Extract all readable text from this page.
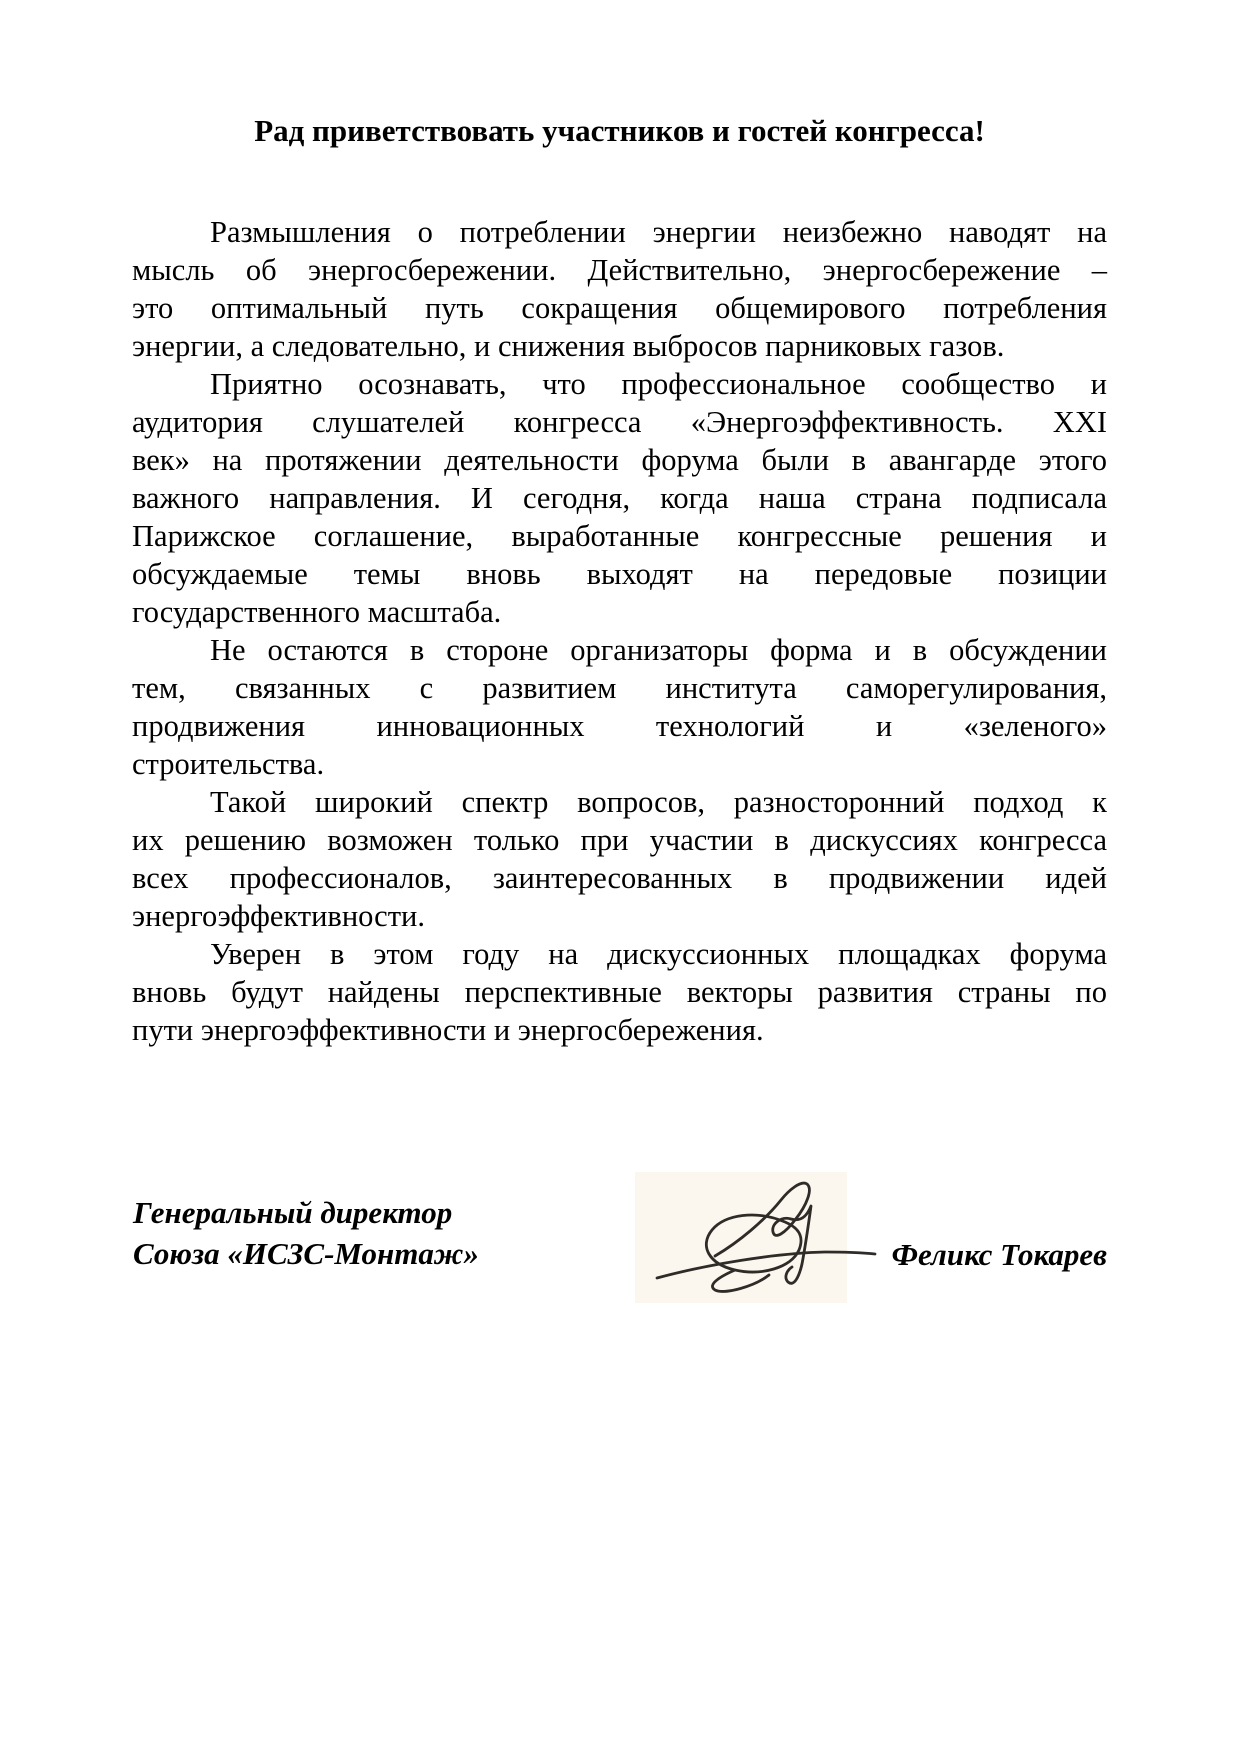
Рад приветствовать участников и гостей конгресса!
Размышления о потреблении энергии неизбежно наводят на
мысль об энергосбережении. Действительно, энергосбережение –
это оптимальный путь сокращения общемирового потребления
энергии, а следовательно, и снижения выбросов парниковых газов.
Приятно осознавать, что профессиональное сообщество и
аудитория слушателей конгресса «Энергоэффективность. XXI
век» на протяжении деятельности форума были в авангарде этого
важного направления. И сегодня, когда наша страна подписала
Парижское соглашение, выработанные конгрессные решения и
обсуждаемые темы вновь выходят на передовые позиции
государственного масштаба.
Не остаются в стороне организаторы форма и в обсуждении
тем, связанных с развитием института саморегулирования,
продвижения инновационных технологий и «зеленого»
строительства.
Такой широкий спектр вопросов, разносторонний подход к
их решению возможен только при участии в дискуссиях конгресса
всех профессионалов, заинтересованных в продвижении идей
энергоэффективности.
Уверен в этом году на дискуссионных площадках форума
вновь будут найдены перспективные векторы развития страны по
пути энергоэффективности и энергосбережения.
Генеральный директор
Союза «ИСЗС-Монтаж»	Феликс Токарев
